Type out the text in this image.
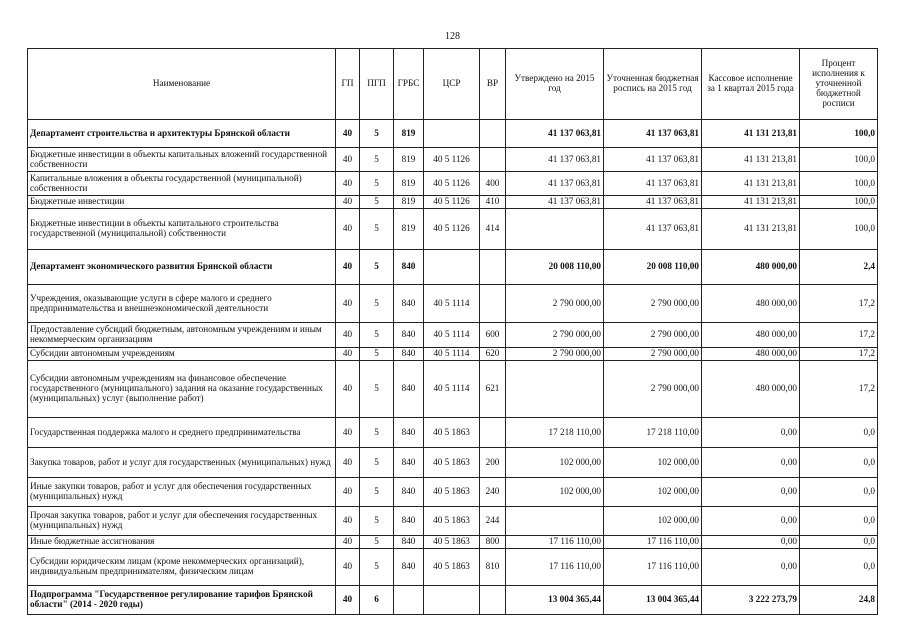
128
Наименование	ГП	ПГП	ГРБС	ЦСР	ВР	Утверждено на 2015 год	Уточненная бюджетная роспись на 2015 год	Кассовое исполнение за 1 квартал 2015 года	Процент исполнения к уточненной бюджетной росписи
Департамент строительства и архитектуры Брянской области	40	5	819			41 137 063,81	41 137 063,81	41 131 213,81	100,0
Бюджетные инвестиции в объекты капитальных вложений государственной собственности	40	5	819	40 5 1126		41 137 063,81	41 137 063,81	41 131 213,81	100,0
Капитальные вложения в объекты государственной (муниципальной) собственности	40	5	819	40 5 1126	400	41 137 063,81	41 137 063,81	41 131 213,81	100,0
Бюджетные инвестиции	40	5	819	40 5 1126	410	41 137 063,81	41 137 063,81	41 131 213,81	100,0
Бюджетные инвестиции в объекты капитального строительства государственной (муниципальной) собственности	40	5	819	40 5 1126	414		41 137 063,81	41 131 213,81	100,0
Департамент экономического развития Брянской области	40	5	840			20 008 110,00	20 008 110,00	480 000,00	2,4
Учреждения, оказывающие услуги в сфере малого и среднего предпринимательства и внешнеэкономической деятельности	40	5	840	40 5 1114		2 790 000,00	2 790 000,00	480 000,00	17,2
Предоставление субсидий бюджетным, автономным учреждениям и иным некоммерческим организациям	40	5	840	40 5 1114	600	2 790 000,00	2 790 000,00	480 000,00	17,2
Субсидии автономным учреждениям	40	5	840	40 5 1114	620	2 790 000,00	2 790 000,00	480 000,00	17,2
Субсидии автономным учреждениям на финансовое обеспечение государственного (муниципального) задания на оказание государственных (муниципальных) услуг (выполнение работ)	40	5	840	40 5 1114	621		2 790 000,00	480 000,00	17,2
Государственная поддержка малого и среднего предпринимательства	40	5	840	40 5 1863		17 218 110,00	17 218 110,00	0,00	0,0
Закупка товаров, работ и услуг для государственных (муниципальных) нужд	40	5	840	40 5 1863	200	102 000,00	102 000,00	0,00	0,0
Иные закупки товаров, работ и услуг для обеспечения государственных (муниципальных) нужд	40	5	840	40 5 1863	240	102 000,00	102 000,00	0,00	0,0
Прочая закупка товаров, работ и услуг для обеспечения государственных (муниципальных) нужд	40	5	840	40 5 1863	244		102 000,00	0,00	0,0
Иные бюджетные ассигнования	40	5	840	40 5 1863	800	17 116 110,00	17 116 110,00	0,00	0,0
Субсидии юридическим лицам (кроме некоммерческих организаций), индивидуальным предпринимателям, физическим лицам	40	5	840	40 5 1863	810	17 116 110,00	17 116 110,00	0,00	0,0
Подпрограмма "Государственное регулирование тарифов Брянской области" (2014 - 2020 годы)	40	6				13 004 365,44	13 004 365,44	3 222 273,79	24,8
